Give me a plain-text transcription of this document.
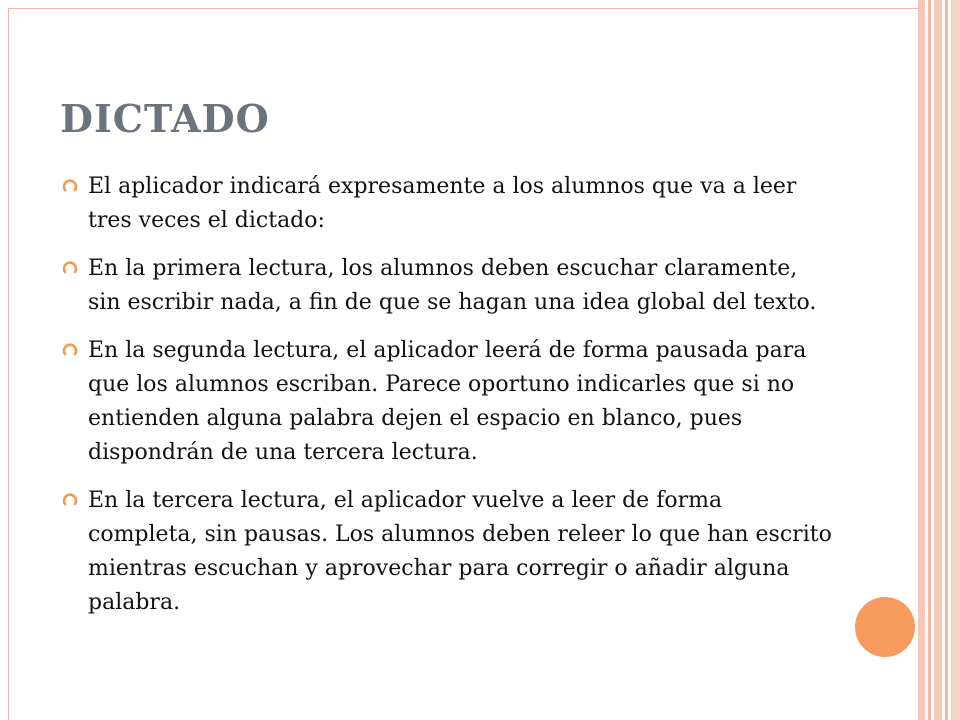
DICTADO
El aplicador indicará expresamente a los alumnos que va a leer tres veces el dictado:
En la primera lectura, los alumnos deben escuchar claramente, sin escribir nada, a fin de que se hagan una idea global del texto.
En la segunda lectura, el aplicador leerá de forma pausada para que los alumnos escriban. Parece oportuno indicarles que si no entienden alguna palabra dejen el espacio en blanco, pues dispondrán de una tercera lectura.
En la tercera lectura, el aplicador vuelve a leer de forma completa, sin pausas. Los alumnos deben releer lo que han escrito mientras escuchan y aprovechar para corregir o añadir alguna palabra.
